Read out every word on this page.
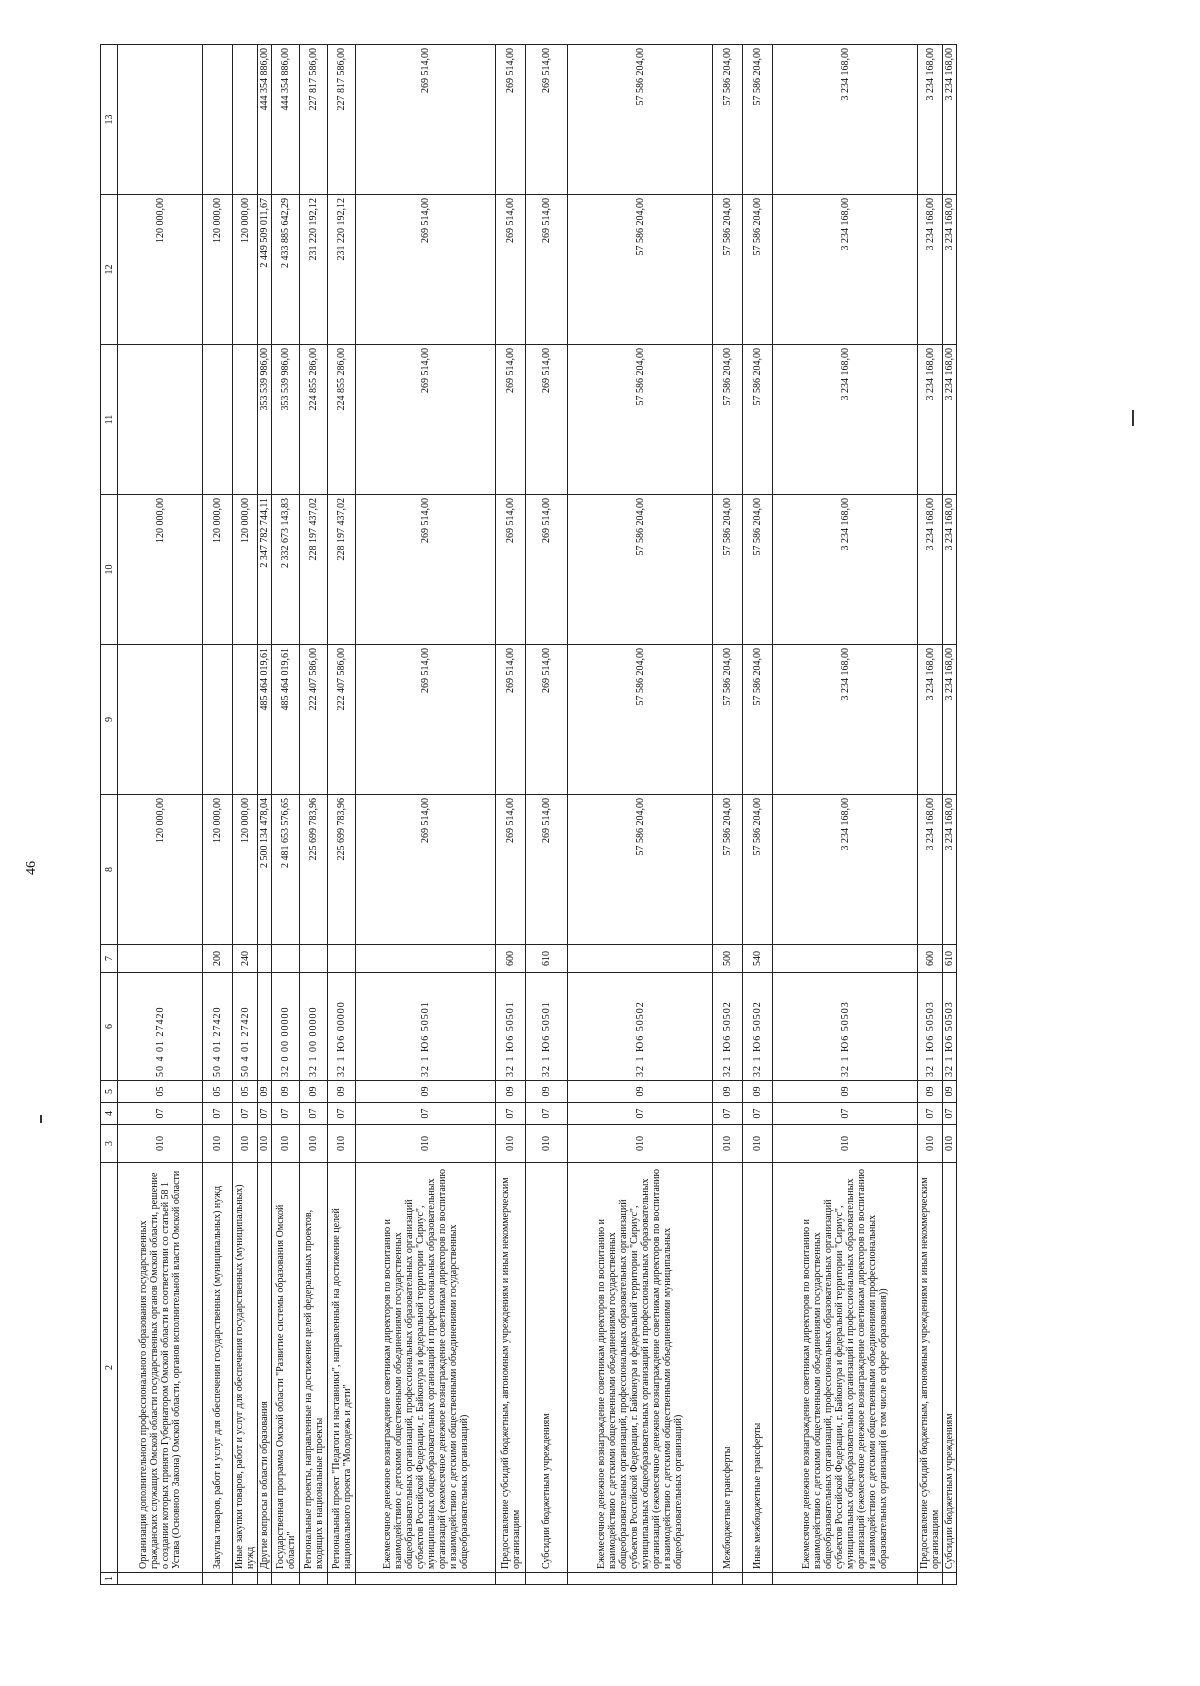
46
1	2	3	4	5	6	7	8	9	10	11	12	13
	Организация дополнительного профессионального образования государственных гражданских служащих Омской области государственных органов Омской области, решение о создании которых принято Губернатором Омской области в соответствии со статьей 58 1 Устава (Основного Закона) Омской области, органов исполнительной власти Омской области	010	07	05	50 4 01 27420		120 000,00		120 000,00		120 000,00	
	Закупка товаров, работ и услуг для обеспечения государственных (муниципальных) нужд	010	07	05	50 4 01 27420	200	120 000,00		120 000,00		120 000,00	
	Иные закупки товаров, работ и услуг для обеспечения государственных (муниципальных) нужд	010	07	05	50 4 01 27420	240	120 000,00		120 000,00		120 000,00	
	Другие вопросы в области образования	010	07	09			2 500 134 478,04	485 464 019,61	2 347 782 744,11	353 539 986,00	2 449 509 011,67	444 354 886,00
	Государственная программа Омской области "Развитие системы образования Омской области"	010	07	09	32 0 00 00000		2 481 653 576,65	485 464 019,61	2 332 673 143,83	353 539 986,00	2 433 885 642,29	444 354 886,00
	Региональные проекты, направленные на достижение целей федеральных проектов, входящих в национальные проекты	010	07	09	32 1 00 00000		225 699 783,96	222 407 586,00	228 197 437,02	224 855 286,00	231 220 192,12	227 817 586,00
	Региональный проект "Педагоги и наставники", направленный на достижение целей национального проекта "Молодежь и дети"	010	07	09	32 1 Ю6 00000		225 699 783,96	222 407 586,00	228 197 437,02	224 855 286,00	231 220 192,12	227 817 586,00
	Ежемесячное денежное вознаграждение советникам директоров по воспитанию и взаимодействию с детскими общественными объединениями государственных общеобразовательных организаций, профессиональных образовательных организаций субъектов Российской Федерации, г. Байконура и федеральной территории "Сириус", муниципальных общеобразовательных организаций и профессиональных образовательных организаций (ежемесячное денежное вознаграждение советникам директоров по воспитанию и взаимодействию с детскими общественными объединениями государственных общеобразовательных организаций)	010	07	09	32 1 Ю6 50501		269 514,00	269 514,00	269 514,00	269 514,00	269 514,00	269 514,00
	Предоставление субсидий бюджетным, автономным учреждениям и иным некоммерческим организациям	010	07	09	32 1 Ю6 50501	600	269 514,00	269 514,00	269 514,00	269 514,00	269 514,00	269 514,00
	Субсидии бюджетным учреждениям	010	07	09	32 1 Ю6 50501	610	269 514,00	269 514,00	269 514,00	269 514,00	269 514,00	269 514,00
	Ежемесячное денежное вознаграждение советникам директоров по воспитанию и взаимодействию с детскими общественными объединениями государственных общеобразовательных организаций, профессиональных образовательных организаций субъектов Российской Федерации, г. Байконура и федеральной территории "Сириус", муниципальных общеобразовательных организаций и профессиональных образовательных организаций (ежемесячное денежное вознаграждение советникам директоров по воспитанию и взаимодействию с детскими общественными объединениями муниципальных общеобразовательных организаций)	010	07	09	32 1 Ю6 50502		57 586 204,00	57 586 204,00	57 586 204,00	57 586 204,00	57 586 204,00	57 586 204,00
	Межбюджетные трансферты	010	07	09	32 1 Ю6 50502	500	57 586 204,00	57 586 204,00	57 586 204,00	57 586 204,00	57 586 204,00	57 586 204,00
	Иные межбюджетные трансферты	010	07	09	32 1 Ю6 50502	540	57 586 204,00	57 586 204,00	57 586 204,00	57 586 204,00	57 586 204,00	57 586 204,00
	Ежемесячное денежное вознаграждение советникам директоров по воспитанию и взаимодействию с детскими общественными объединениями государственных общеобразовательных организаций, профессиональных образовательных организаций субъектов Российской Федерации, г. Байконура и федеральной территории "Сириус", муниципальных общеобразовательных организаций и профессиональных образовательных организаций (ежемесячное денежное вознаграждение советникам директоров по воспитанию и взаимодействию с детскими общественными объединениями профессиональных образовательных организаций (в том числе в сфере образования))	010	07	09	32 1 Ю6 50503		3 234 168,00	3 234 168,00	3 234 168,00	3 234 168,00	3 234 168,00	3 234 168,00
	Предоставление субсидий бюджетным, автономным учреждениям и иным некоммерческим организациям	010	07	09	32 1 Ю6 50503	600	3 234 168,00	3 234 168,00	3 234 168,00	3 234 168,00	3 234 168,00	3 234 168,00
	Субсидии бюджетным учреждениям	010	07	09	32 1 Ю6 50503	610	3 234 168,00	3 234 168,00	3 234 168,00	3 234 168,00	3 234 168,00	3 234 168,00
